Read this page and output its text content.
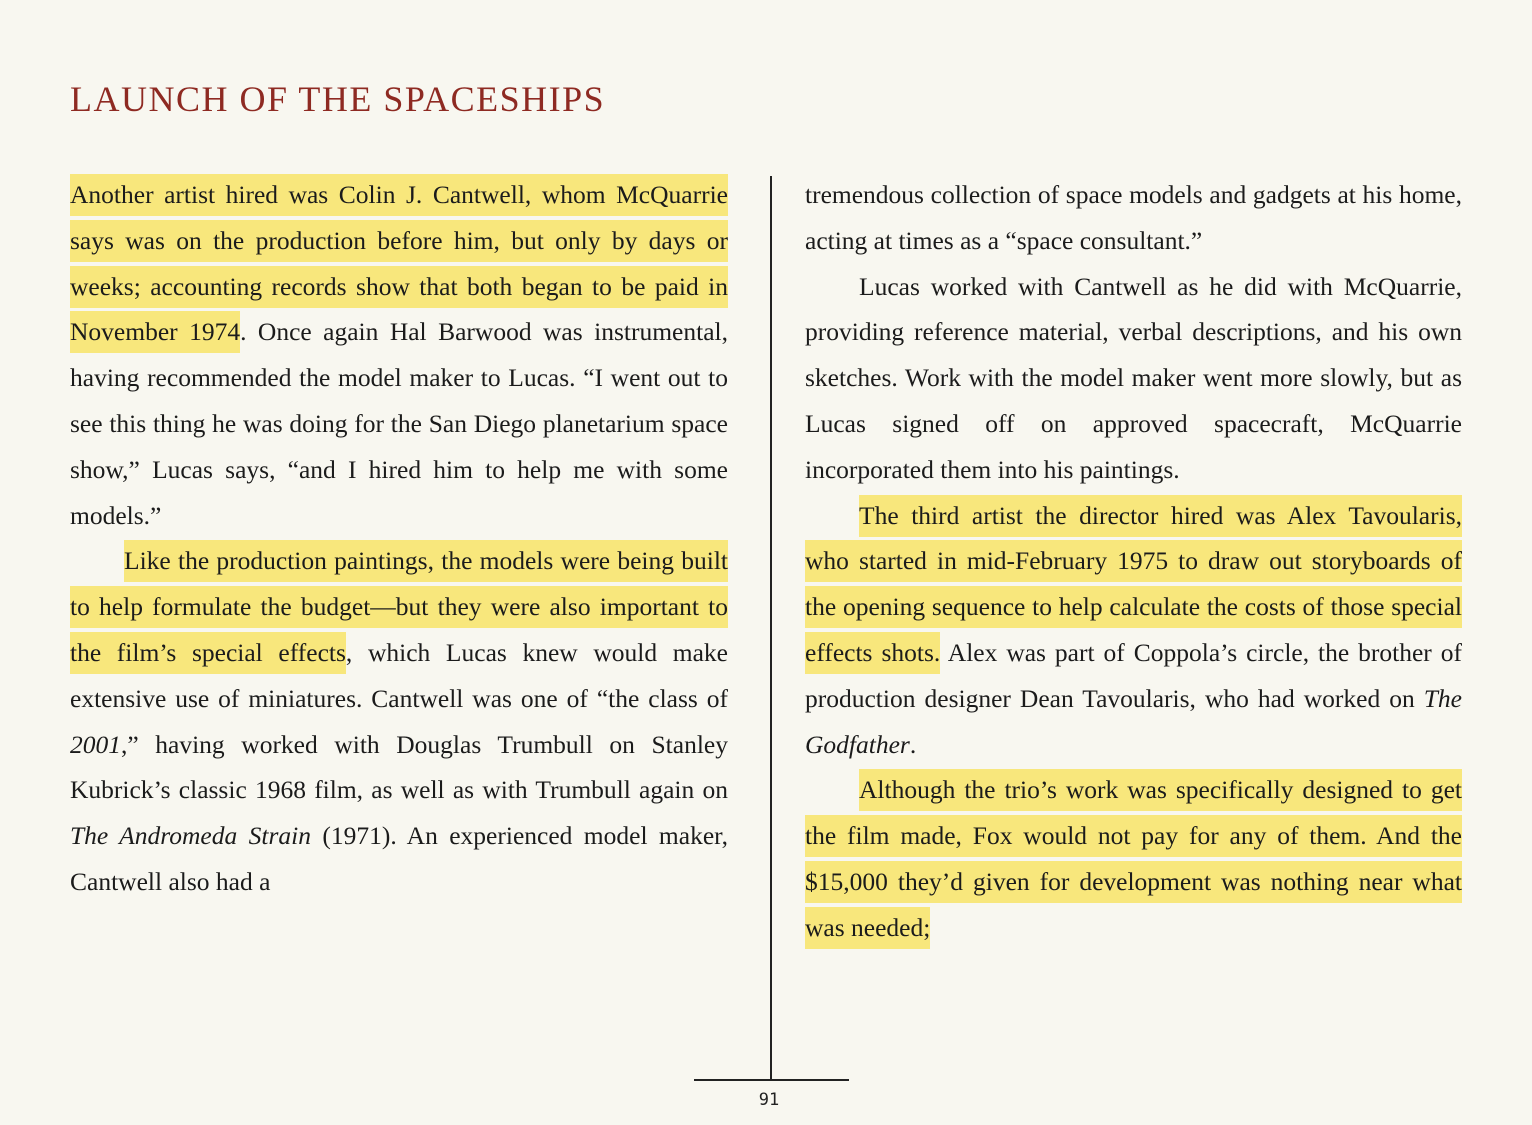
LAUNCH OF THE SPACESHIPS

Another artist hired was Colin J. Cantwell, whom McQuarrie says was on the production before him, but only by days or weeks; accounting records show that both began to be paid in November 1974. Once again Hal Barwood was instrumental, having recommended the model maker to Lucas. “I went out to see this thing he was doing for the San Diego planetarium space show,” Lucas says, “and I hired him to help me with some models.”

Like the production paintings, the models were being built to help formulate the budget—but they were also important to the film’s special effects, which Lucas knew would make extensive use of miniatures. Cantwell was one of “the class of 2001,” having worked with Douglas Trumbull on Stanley Kubrick’s classic 1968 film, as well as with Trumbull again on The Andromeda Strain (1971). An experienced model maker, Cantwell also had a

tremendous collection of space models and gadgets at his home, acting at times as a “space consultant.”

Lucas worked with Cantwell as he did with McQuarrie, providing reference material, verbal descriptions, and his own sketches. Work with the model maker went more slowly, but as Lucas signed off on approved spacecraft, McQuarrie incorporated them into his paintings.

The third artist the director hired was Alex Tavoularis, who started in mid-February 1975 to draw out storyboards of the opening sequence to help calculate the costs of those special effects shots. Alex was part of Coppola’s circle, the brother of production designer Dean Tavoularis, who had worked on The Godfather.

Although the trio’s work was specifically designed to get the film made, Fox would not pay for any of them. And the $15,000 they’d given for development was nothing near what was needed;

91
